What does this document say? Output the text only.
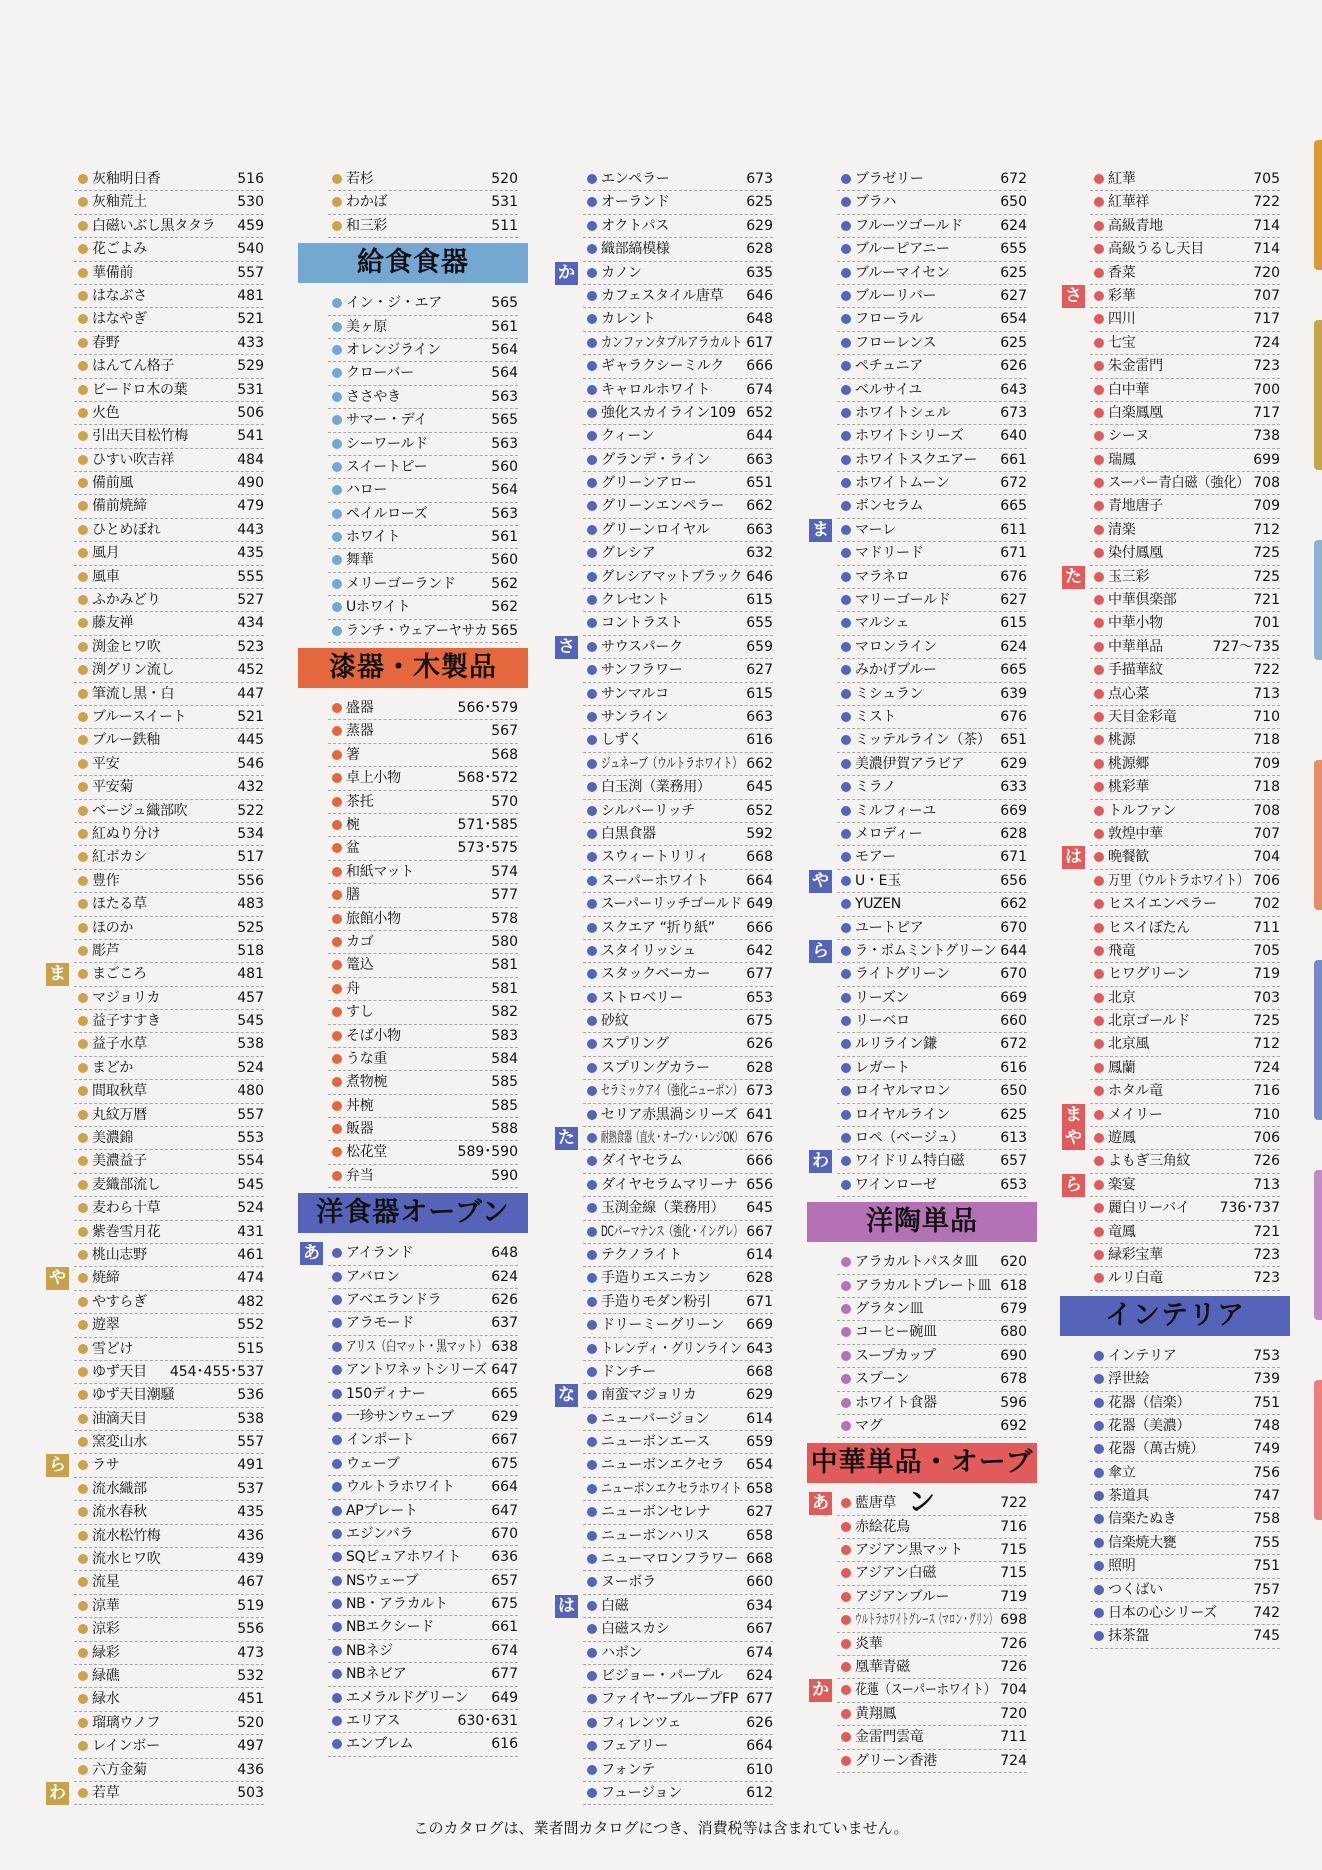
灰釉明日香	516
灰釉荒土	530
白磁いぶし黒タタラ 459
花ごよみ	540
華備前	557
はなぶさ	481
はなやぎ	521
春野	433
はんてん格子	529
ビードロ木の葉	531
火色	506
引出天目松竹梅	541
ひすい吹吉祥	484
備前風	490
備前焼締	479
ひとめぼれ	443
風月	435
風車	555
ふかみどり	527
藤友禅	434
渕金ヒワ吹	523
渕グリン流し	452
筆流し黒・白	447
ブルースイート	521
ブルー鉄釉	445
平安	546
平安菊	432
ベージュ織部吹	522
紅ぬり分け	534
紅ボカシ	517
豊作	556
ほたる草	483
ほのか	525
彫芦	518
ま まごころ	481
マジョリカ	457
益子すすき	545
益子水草	538
まどか	524
間取秋草	480
丸紋万暦	557
美濃錦	553
美濃益子	554
麦織部流し	545
麦わら十草	524
紫巻雪月花	431
桃山志野	461
や 焼締	474
やすらぎ	482
遊翠	552
雪どけ	515
ゆず天目 454･455･537
ゆず天目潮騒	536
油滴天目	538
窯変山水	557
ら ラサ	491
流水織部	537
流水春秋	435
流水松竹梅	436
流水ヒワ吹	439
流星	467
涼華	519
涼彩	556
緑彩	473
緑礁	532
緑水	451
瑠璃ウノフ	520
レインボー	497
六方金菊	436
わ 若草	503
若杉	520
わかば	531
和三彩	511
給食食器
イン・ジ・エア	565
美ヶ原	561
オレンジライン	564
クローバー	564
ささやき	563
サマー・デイ	565
シーワールド	563
スイートピー	560
ハロー	564
ペイルローズ	563
ホワイト	561
舞華	560
メリーゴーランド	562
Uホワイト	562
ランチ・ウェアーヤサカ 565
漆器・木製品
盛器	566･579
蒸器	567
箸	568
卓上小物	568･572
茶托	570
椀	571･585
盆	573･575
和紙マット	574
膳	577
旅館小物	578
カゴ	580
篭込	581
舟	581
すし	582
そば小物	583
うな重	584
煮物椀	585
丼椀	585
飯器	588
松花堂	589･590
弁当	590
洋食器オーブン
あ アイランド	648
アバロン	624
アベエランドラ	626
アラモード	637
アリス（白マット・黒マット） 638
アントワネットシリーズ 647
150ディナー	665
一珍サンウェーブ	629
インポート	667
ウェーブ	675
ウルトラホワイト	664
APプレート	647
エジンバラ	670
SQピュアホワイト 636
NSウェーブ	657
NB・アラカルト	675
NBエクシード	661
NBネジ	674
NBネビア	677
エメラルドグリーン 649
エリアス	630･631
エンブレム	616
エンペラー	673
オーランド	625
オクトパス	629
織部縞模様	628
か カノン	635
カフェスタイル唐草 646
カレント	648
カンファンタブルアラカルト 617
ギャラクシーミルク 666
キャロルホワイト	674
強化スカイライン109 652
クィーン	644
グランデ・ライン	663
グリーンアロー	651
グリーンエンペラー 662
グリーンロイヤル	663
グレシア	632
グレシアマットブラック 646
クレセント	615
コントラスト	655
さ サウスパーク	659
サンフラワー	627
サンマルコ	615
サンライン	663
しずく	616
ジュネーブ（ウルトラホワイト） 662
白玉渕（業務用）	645
シルバーリッチ	652
白黒食器	592
スウィートリリィ	668
スーパーホワイト	664
スーパーリッチゴールド 649
スクエア “折り紙” 666
スタイリッシュ	642
スタックベーカー	677
ストロベリー	653
砂紋	675
スプリング	626
スプリングカラー	628
セラミックアイ（強化ニューボン） 673
セリア赤黒渦シリーズ 641
た 耐熱食器（直火・オーブン・レンジOK） 676
ダイヤセラム	666
ダイヤセラムマリーナ 656
玉渕金線（業務用） 645
DCパーマナンス（強化・イングレ） 667
テクノライト	614
手造りエスニカン	628
手造りモダン粉引	671
ドリーミーグリーン 669
トレンディ・グリンライン 643
ドンチー	668
な 南蛮マジョリカ	629
ニューバージョン	614
ニューボンエース	659
ニューボンエクセラ 654
ニューボンエクセラホワイト 658
ニューボンセレナ	627
ニューボンハリス	658
ニューマロンフラワー 668
ヌーボラ	660
は 白磁	634
白磁スカシ	667
ハボン	674
ビジョー・パープル 624
ファイヤーブループFP 677
フィレンツェ	626
フェアリー	664
フォンテ	610
フュージョン	612
ブラゼリー	672
ブラハ	650
フルーツゴールド	624
ブルーピアニー	655
ブルーマイセン	625
ブルーリバー	627
フローラル	654
フローレンス	625
ペチュニア	626
ベルサイユ	643
ホワイトシェル	673
ホワイトシリーズ	640
ホワイトスクエアー 661
ホワイトムーン	672
ボンセラム	665
ま マーレ	611
マドリード	671
マラネロ	676
マリーゴールド	627
マルシェ	615
マロンライン	624
みかげブルー	665
ミシュラン	639
ミスト	676
ミッテルライン（茶） 651
美濃伊賀アラビア	629
ミラノ	633
ミルフィーユ	669
メロディー	628
モアー	671
や U・E玉	656
YUZEN	662
ユートピア	670
ら ラ・ボムミントグリーン 644
ライトグリーン	670
リーズン	669
リーベロ	660
ルリライン鎌	672
レガート	616
ロイヤルマロン	650
ロイヤルライン	625
ロペ（ベージュ）	613
わ ワイドリム特白磁	657
ワインローゼ	653
洋陶単品
アラカルトパスタ皿 620
アラカルトプレート皿 618
グラタン皿	679
コーヒー碗皿	680
スープカップ	690
スプーン	678
ホワイト食器	596
マグ	692
中華単品・オーブン
あ 藍唐草	722
赤絵花鳥	716
アジアン黒マット	715
アジアン白磁	715
アジアンブルー	719
ウルトラホワイトグレース（マロン・グリン） 698
炎華	726
凰華青磁	726
か 花蓮（スーパーホワイト） 704
黄翔鳳	720
金雷門雲竜	711
グリーン香港	724
紅華	705
紅華祥	722
高級青地	714
高級うるし天目	714
香菜	720
さ 彩華	707
四川	717
七宝	724
朱金雷門	723
白中華	700
白楽鳳凰	717
シーヌ	738
瑞鳳	699
スーパー青白磁（強化） 708
青地唐子	709
清楽	712
染付鳳凰	725
た 玉三彩	725
中華倶楽部	721
中華小物	701
中華単品	727〜735
手描華紋	722
点心菜	713
天目金彩竜	710
桃源	718
桃源郷	709
桃彩華	718
トルファン	708
敦煌中華	707
は 晩餐歓	704
万里（ウルトラホワイト） 706
ヒスイエンペラー	702
ヒスイぼたん	711
飛竜	705
ヒワグリーン	719
北京	703
北京ゴールド	725
北京風	712
鳳蘭	724
ホタル竜	716
ま メイリー	710
や 遊鳳	706
よもぎ三角紋	726
ら 楽宴	713
麗白リーバイ 736･737
竜鳳	721
緑彩宝華	723
ルリ白竜	723
インテリア
インテリア	753
浮世絵	739
花器（信楽）	751
花器（美濃）	748
花器（萬古焼）	749
傘立	756
茶道具	747
信楽たぬき	758
信楽焼大甕	755
照明	751
つくばい	757
日本の心シリーズ	742
抹茶盌	745
このカタログは、業者間カタログにつき、消費税等は含まれていません。
